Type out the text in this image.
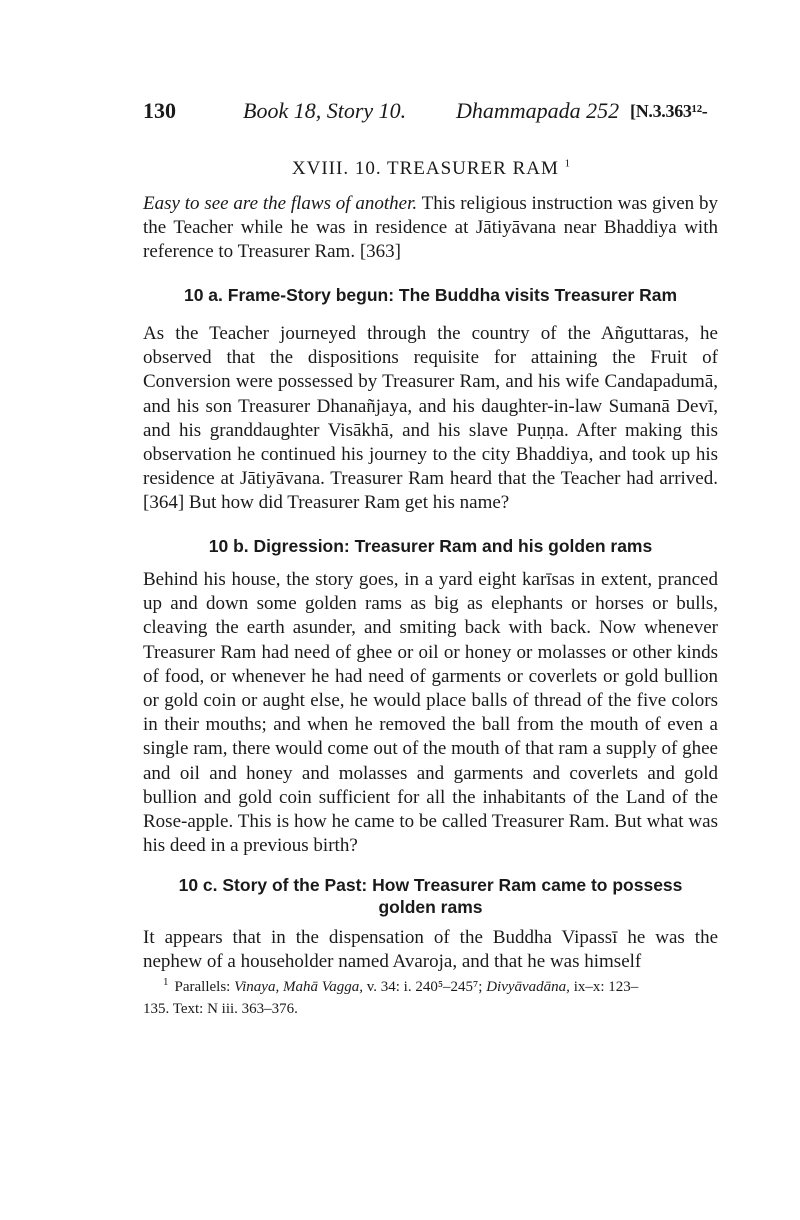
130	Book 18, Story 10. Dhammapada 252 [N.3.363¹²-
XVIII. 10. TREASURER RAM $^1$

Easy to see are the flaws of another. This religious instruction was given by the Teacher while he was in residence at Jātiyāvana near Bhaddiya with reference to Treasurer Ram. [363]

10 a. Frame-Story begun: The Buddha visits Treasurer Ram

As the Teacher journeyed through the country of the Añguttaras, he observed that the dispositions requisite for attaining the Fruit of Conversion were possessed by Treasurer Ram, and his wife Candapadumā, and his son Treasurer Dhanañjaya, and his daughter-in-law Sumanā Devī, and his granddaughter Visākhā, and his slave Puṇṇa. After making this observation he continued his journey to the city Bhaddiya, and took up his residence at Jātiyāvana. Treasurer Ram heard that the Teacher had arrived. [364] But how did Treasurer Ram get his name?

10 b. Digression: Treasurer Ram and his golden rams

Behind his house, the story goes, in a yard eight karīsas in extent, pranced up and down some golden rams as big as elephants or horses or bulls, cleaving the earth asunder, and smiting back with back. Now whenever Treasurer Ram had need of ghee or oil or honey or molasses or other kinds of food, or whenever he had need of garments or coverlets or gold bullion or gold coin or aught else, he would place balls of thread of the five colors in their mouths; and when he removed the ball from the mouth of even a single ram, there would come out of the mouth of that ram a supply of ghee and oil and honey and molasses and garments and coverlets and gold bullion and gold coin sufficient for all the inhabitants of the Land of the Rose-apple. This is how he came to be called Treasurer Ram. But what was his deed in a previous birth?

10 c. Story of the Past: How Treasurer Ram came to possess
golden rams

It appears that in the dispensation of the Buddha Vipassī he was the nephew of a householder named Avaroja, and that he was himself

$^1$ Parallels: Vinaya, Mahā Vagga, v. 34: i. 240⁵–245⁷; Divyāvadāna, ix–x: 123–
135. Text: N iii. 363–376.
